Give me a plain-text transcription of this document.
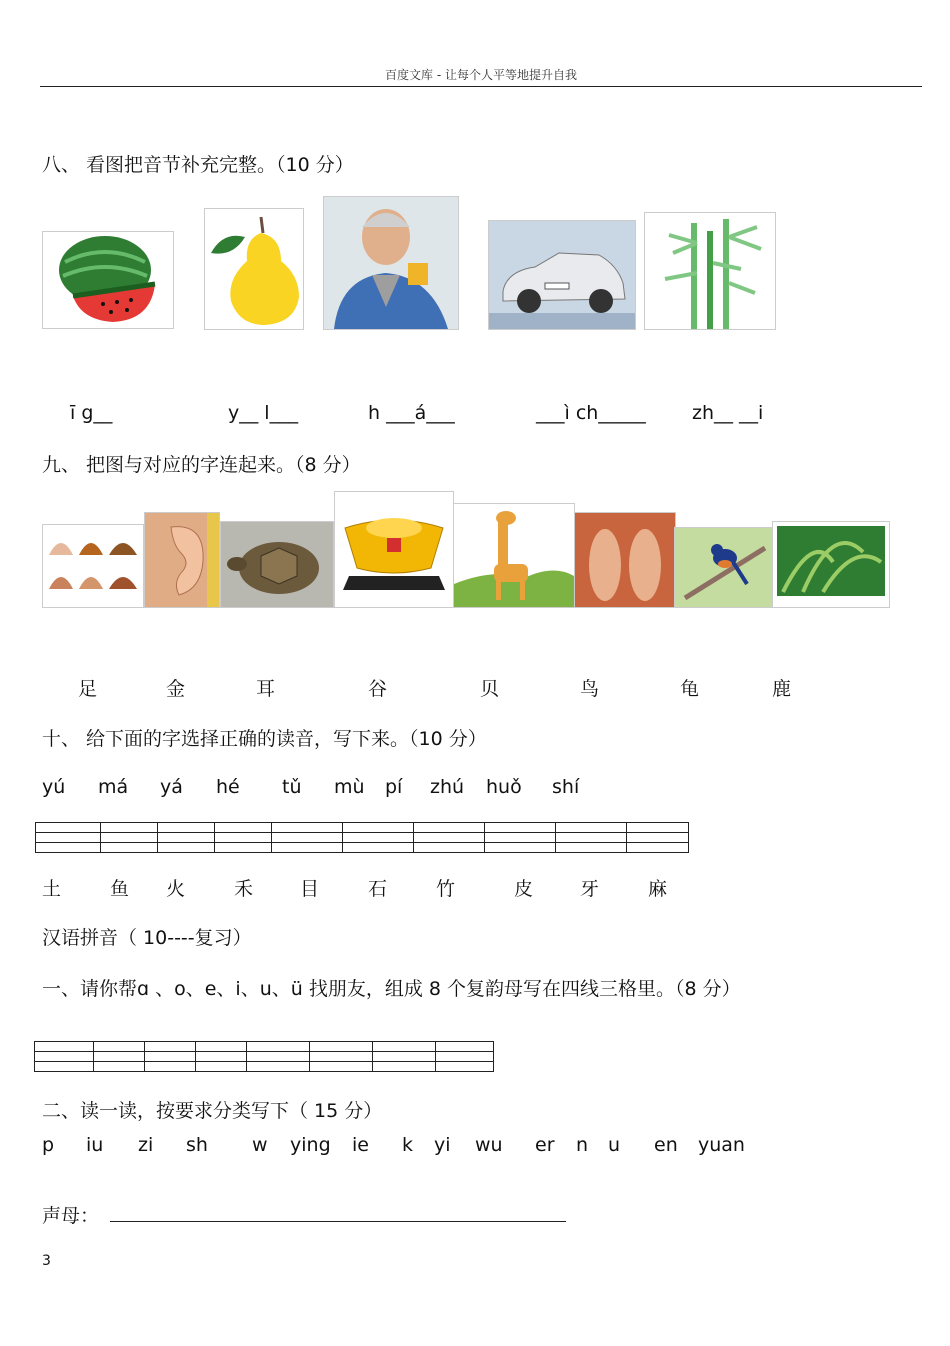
百度文库 - 让每个人平等地提升自我
八、 看图把音节补充完整。（10 分）
ī g__	y__ l___	h ___á___	___ì ch_____ zh__ __i
九、 把图与对应的字连起来。（8 分）
足	金	耳	谷	贝	鸟	龟	鹿
十、 给下面的字选择正确的读音，写下来。（10 分）
yú má yá hé tǔ mù pí zhú huǒ shí

土	鱼 火	禾 目	石	竹	皮 牙	麻
汉语拼音（ 10----复习）
一、请你帮ɑ 、o、e、i、u、ü 找朋友，组成 8 个复韵母写在四线三格里。（8 分）

二、读一读，按要求分类写下（ 15 分）
p iu zi sh w ying ie k yi wu er n u en yuan
声母：
3
